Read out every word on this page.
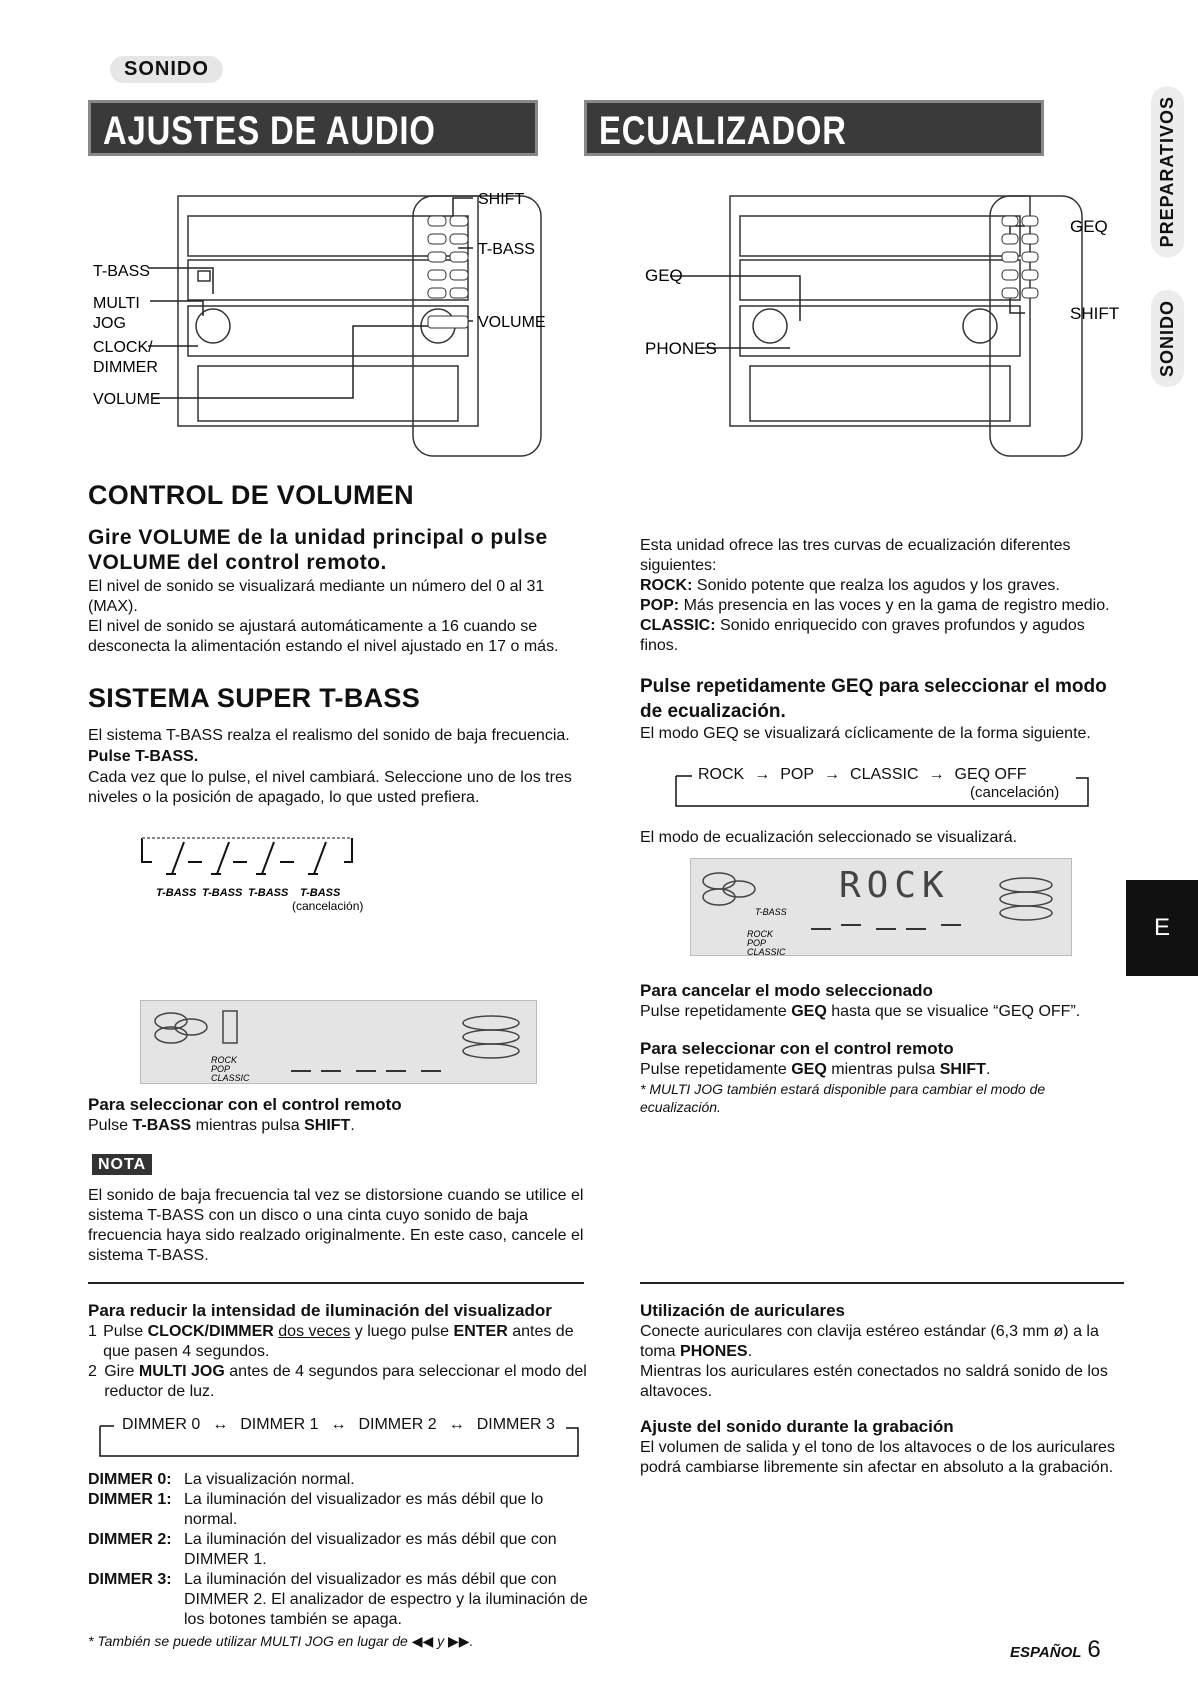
SONIDO
AJUSTES DE AUDIO	ECUALIZADOR GRAFICO	PREPARATIVOS
SONIDO
E
T-BASS
MULTI
JOG
CLOCK/
DIMMER
VOLUME
SHIFT
T-BASS
VOLUME
GEQ
PHONES
GEQ
SHIFT
CONTROL DE VOLUMEN
Gire VOLUME de la unidad principal o pulse VOLUME del control remoto.
El nivel de sonido se visualizará mediante un número del 0 al 31 (MAX).
El nivel de sonido se ajustará automáticamente a 16 cuando se desconecta la alimentación estando el nivel ajustado en 17 o más.
SISTEMA SUPER T-BASS
El sistema T-BASS realza el realismo del sonido de baja frecuencia.
Pulse T-BASS.
Cada vez que lo pulse, el nivel cambiará. Seleccione uno de los tres niveles o la posición de apagado, lo que usted prefiera.
T-BASS T-BASS T-BASS T-BASS
(cancelación)
ROCK
POP
CLASSIC
Para seleccionar con el control remoto
Pulse T-BASS mientras pulsa SHIFT.
NOTA
El sonido de baja frecuencia tal vez se distorsione cuando se utilice el sistema T-BASS con un disco o una cinta cuyo sonido de baja frecuencia haya sido realzado originalmente. En este caso, cancele el sistema T-BASS.
Para reducir la intensidad de iluminación del visualizador
1 Pulse CLOCK/DIMMER dos veces y luego pulse ENTER antes de que pasen 4 segundos.
2 Gire MULTI JOG antes de 4 segundos para seleccionar el modo del reductor de luz.
DIMMER 0 ↔ DIMMER 1 ↔ DIMMER 2 ↔ DIMMER 3
DIMMER 0: La visualización normal.
DIMMER 1: La iluminación del visualizador es más débil que lo normal.
DIMMER 2: La iluminación del visualizador es más débil que con DIMMER 1.
DIMMER 3: La iluminación del visualizador es más débil que con DIMMER 2. El analizador de espectro y la iluminación de los botones también se apaga.
* También se puede utilizar MULTI JOG en lugar de ◀◀ y ▶▶.
Esta unidad ofrece las tres curvas de ecualización diferentes siguientes:
ROCK: Sonido potente que realza los agudos y los graves.
POP: Más presencia en las voces y en la gama de registro medio.
CLASSIC: Sonido enriquecido con graves profundos y agudos finos.
Pulse repetidamente GEQ para seleccionar el modo de ecualización.
El modo GEQ se visualizará cíclicamente de la forma siguiente.
ROCK → POP → CLASSIC → GEQ OFF
(cancelación)
El modo de ecualización seleccionado se visualizará.
T-BASS
ROCK
POP
CLASSIC
ROCK
Para cancelar el modo seleccionado
Pulse repetidamente GEQ hasta que se visualice “GEQ OFF”.
Para seleccionar con el control remoto
Pulse repetidamente GEQ mientras pulsa SHIFT.
* MULTI JOG también estará disponible para cambiar el modo de ecualización.
Utilización de auriculares
Conecte auriculares con clavija estéreo estándar (6,3 mm ø) a la toma PHONES.
Mientras los auriculares estén conectados no saldrá sonido de los altavoces.
Ajuste del sonido durante la grabación
El volumen de salida y el tono de los altavoces o de los auriculares podrá cambiarse libremente sin afectar en absoluto a la grabación.
ESPAÑOL 6
